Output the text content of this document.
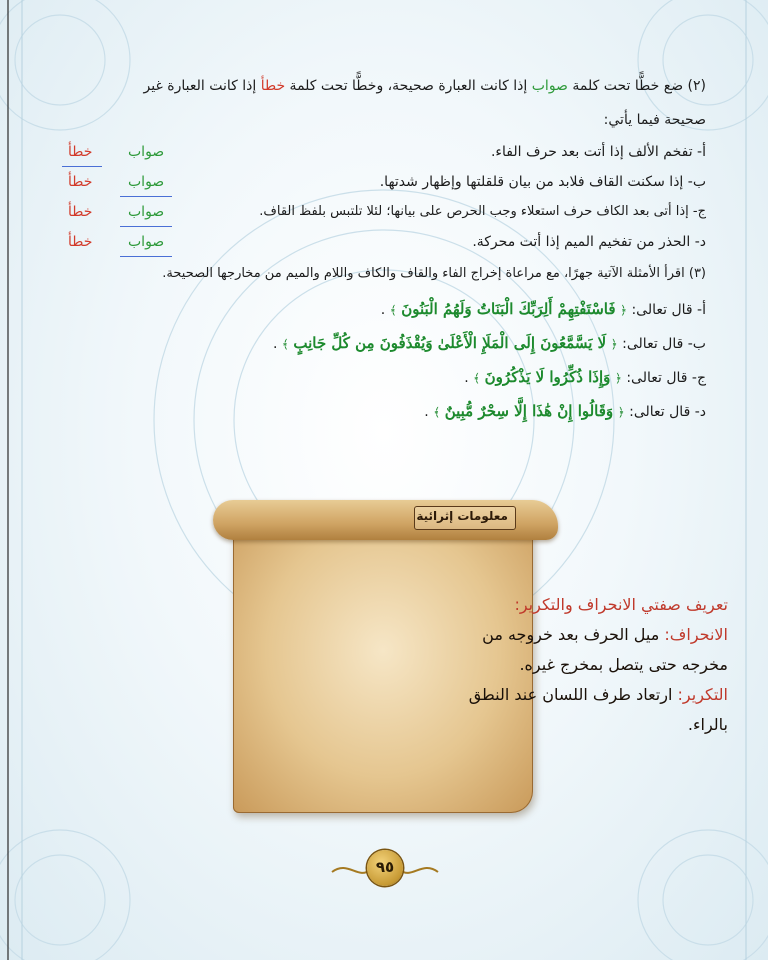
(٢) ضع خطًّا تحت كلمة صواب إذا كانت العبارة صحيحة، وخطًّا تحت كلمة خطأ إذا كانت العبارة غير
صحيحة فيما يأتي:
أ- تفخم الألف إذا أتت بعد حرف الفاء.
صواب
خطأ
ب- إذا سكنت القاف فلابد من بيان قلقلتها وإظهار شدتها.
صواب
خطأ
ج- إذا أتى بعد الكاف حرف استعلاء وجب الحرص على بيانها؛ لئلا تلتبس بلفظ القاف.
صواب
خطأ
د- الحذر من تفخيم الميم إذا أتت محركة.
صواب
خطأ
(٣) اقرأ الأمثلة الآتية جهرًا، مع مراعاة إخراج الفاء والقاف والكاف واللام والميم من مخارجها الصحيحة.
أ- قال تعالى: ﴿ فَاسْتَفْتِهِمْ أَلِرَبِّكَ الْبَنَاتُ وَلَهُمُ الْبَنُونَ ﴾ .
ب- قال تعالى: ﴿ لَا يَسَّمَّعُونَ إِلَى الْمَلَإِ الْأَعْلَىٰ وَيُقْذَفُونَ مِن كُلِّ جَانِبٍ ﴾ .
ج- قال تعالى: ﴿ وَإِذَا ذُكِّرُوا لَا يَذْكُرُونَ ﴾ .
د- قال تعالى: ﴿ وَقَالُوا إِنْ هَٰذَا إِلَّا سِحْرٌ مُّبِينٌ ﴾ .
معلومات إثرائية

تعريف صفتي الانحراف والتكرير:

الانحراف: ميل الحرف بعد خروجه من مخرجه حتى يتصل بمخرج غيره.

التكرير: ارتعاد طرف اللسان عند النطق بالراء.

٩٥
